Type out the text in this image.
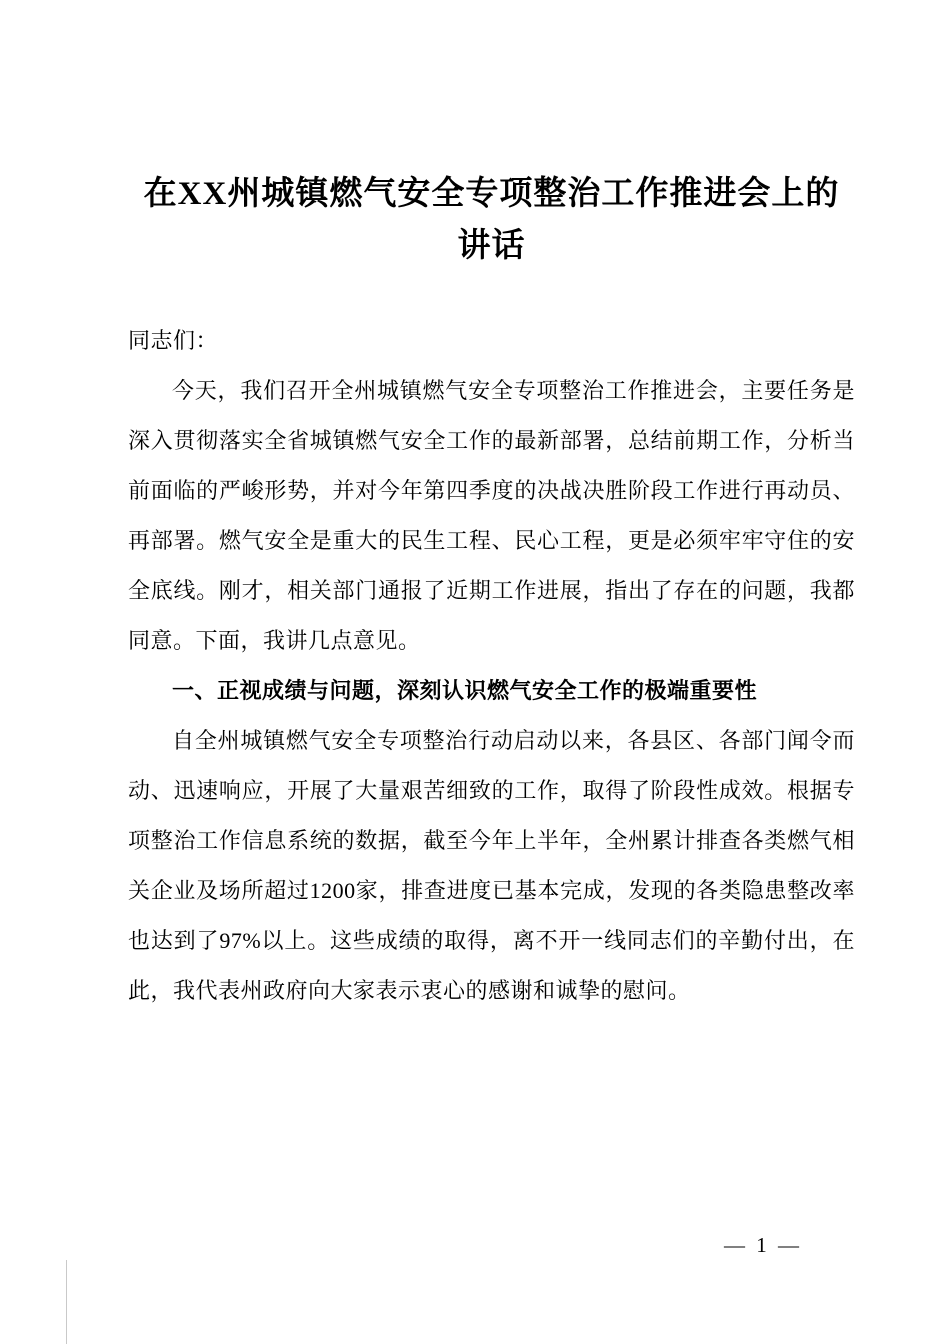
在XX州城镇燃气安全专项整治工作推进会上的讲话

同志们：

今天，我们召开全州城镇燃气安全专项整治工作推进会，主要任务是深入贯彻落实全省城镇燃气安全工作的最新部署，总结前期工作，分析当前面临的严峻形势，并对今年第四季度的决战决胜阶段工作进行再动员、再部署。燃气安全是重大的民生工程、民心工程，更是必须牢牢守住的安全底线。刚才，相关部门通报了近期工作进展，指出了存在的问题，我都同意。下面，我讲几点意见。

一、正视成绩与问题，深刻认识燃气安全工作的极端重要性

自全州城镇燃气安全专项整治行动启动以来，各县区、各部门闻令而动、迅速响应，开展了大量艰苦细致的工作，取得了阶段性成效。根据专项整治工作信息系统的数据，截至今年上半年，全州累计排查各类燃气相关企业及场所超过1200家，排查进度已基本完成，发现的各类隐患整改率也达到了97%以上。这些成绩的取得，离不开一线同志们的辛勤付出，在此，我代表州政府向大家表示衷心的感谢和诚挚的慰问。

— 1 —
